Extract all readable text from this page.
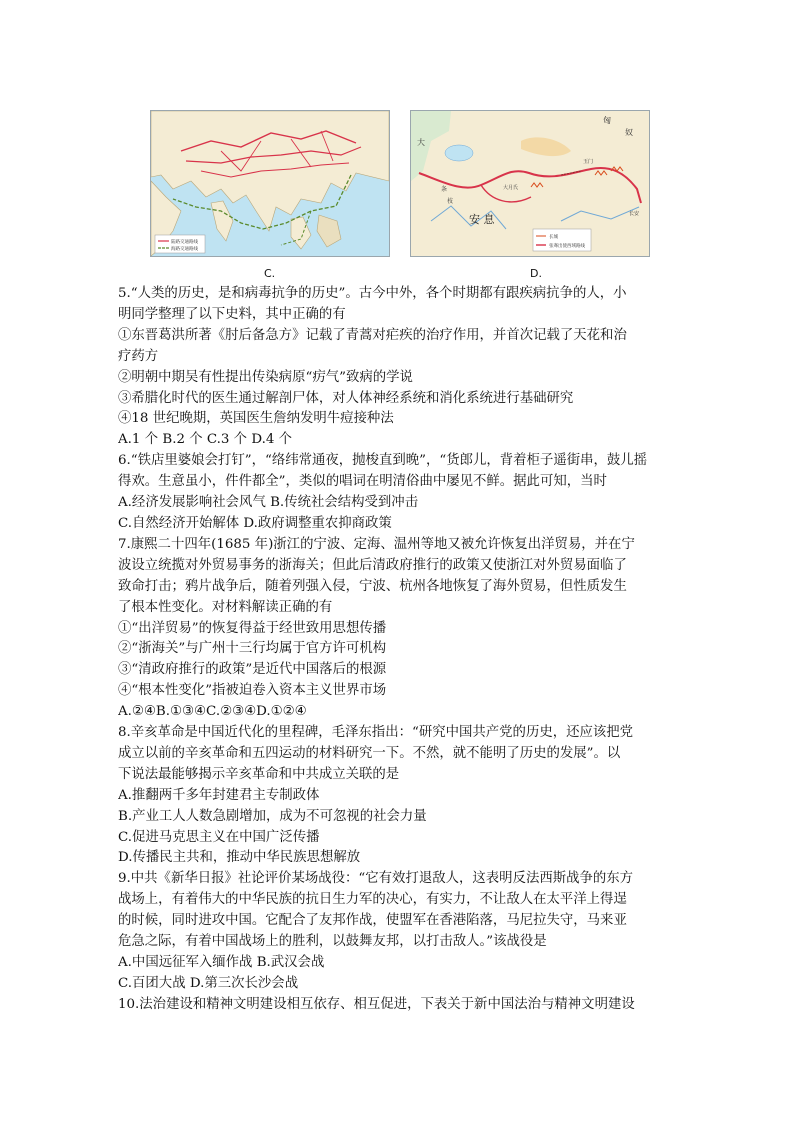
陆路交通路线
海路交通路线
匈
奴
大
安 息
条
枝
大月氏
玉门
长安
长城
张骞出使西域路线
C.	D.
5.“人类的历史，是和病毒抗争的历史”。古今中外，各个时期都有跟疾病抗争的人，小
明同学整理了以下史料，其中正确的有
①东晋葛洪所著《肘后备急方》记载了青蒿对疟疾的治疗作用，并首次记载了天花和治
疗药方
②明朝中期吴有性提出传染病原“疠气”致病的学说
③希腊化时代的医生通过解剖尸体，对人体神经系统和消化系统进行基础研究
④18 世纪晚期，英国医生詹纳发明牛痘接种法
A.1 个 B.2 个 C.3 个 D.4 个
6.“铁店里婆娘会打钉”，“络纬常通夜，抛梭直到晚”，“货郎儿，背着柜子遥街串，鼓儿摇
得欢。生意虽小，件件都全”，类似的唱词在明清俗曲中屡见不鲜。据此可知，当时
A.经济发展影响社会风气 B.传统社会结构受到冲击
C.自然经济开始解体 D.政府调整重农抑商政策
7.康熙二十四年(1685 年)浙江的宁波、定海、温州等地又被允许恢复出洋贸易，并在宁
波设立统揽对外贸易事务的浙海关；但此后清政府推行的政策又使浙江对外贸易面临了
致命打击；鸦片战争后，随着列强入侵，宁波、杭州各地恢复了海外贸易，但性质发生
了根本性变化。对材料解读正确的有
①“出洋贸易”的恢复得益于经世致用思想传播
②“浙海关”与广州十三行均属于官方许可机构
③“清政府推行的政策”是近代中国落后的根源
④“根本性变化”指被迫卷入资本主义世界市场
A.②④B.①③④C.②③④D.①②④
8.辛亥革命是中国近代化的里程碑，毛泽东指出：“研究中国共产党的历史，还应该把党
成立以前的辛亥革命和五四运动的材料研究一下。不然，就不能明了历史的发展”。以
下说法最能够揭示辛亥革命和中共成立关联的是
A.推翻两千多年封建君主专制政体
B.产业工人人数急剧增加，成为不可忽视的社会力量
C.促进马克思主义在中国广泛传播
D.传播民主共和，推动中华民族思想解放
9.中共《新华日报》社论评价某场战役：“它有效打退敌人，这表明反法西斯战争的东方
战场上，有着伟大的中华民族的抗日生力军的决心，有实力，不让敌人在太平洋上得逞
的时候，同时进攻中国。它配合了友邦作战，使盟军在香港陷落，马尼拉失守，马来亚
危急之际，有着中国战场上的胜利，以鼓舞友邦，以打击敌人。”该战役是
A.中国远征军入缅作战 B.武汉会战
C.百团大战 D.第三次长沙会战
10.法治建设和精神文明建设相互依存、相互促进，下表关于新中国法治与精神文明建设
